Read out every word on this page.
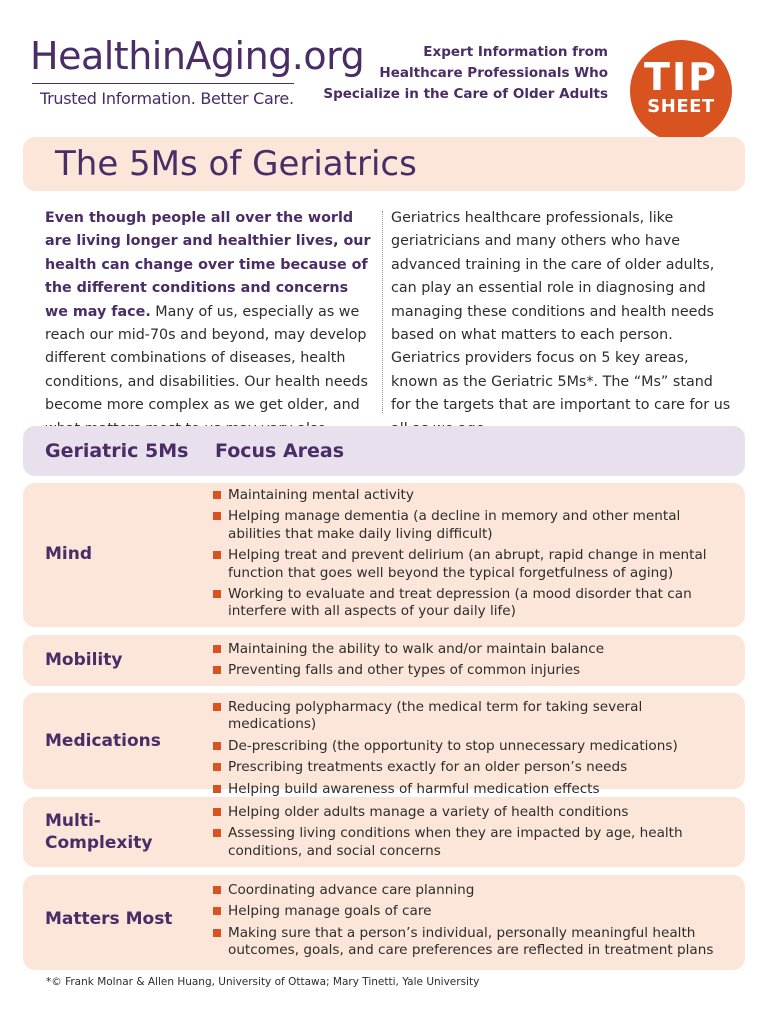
HealthinAging.org
Trusted Information. Better Care.
Expert Information from
Healthcare Professionals Who
Specialize in the Care of Older Adults TIP
SHEET
The 5Ms of Geriatrics
Even though people all over the world are living longer and healthier lives, our health can change over time because of the different conditions and concerns we may face. Many of us, especially as we reach our mid-70s and beyond, may develop different combinations of diseases, health conditions, and disabilities. Our health needs become more complex as we get older, and
Geriatrics healthcare professionals, like geriatricians and many others who have advanced training in the care of older adults, can play an essential role in diagnosing and managing these conditions and health needs based on what matters to each person. Geriatrics providers focus on 5 key areas, known as the Geriatric 5Ms*. The “Ms” stand for the targets that are important to care for us
Geriatric 5Ms Focus Areas
Mind
Maintaining mental activity
Helping manage dementia (a decline in memory and other mental abilities that make daily living difficult)
Helping treat and prevent delirium (an abrupt, rapid change in mental function that goes well beyond the typical forgetfulness of aging)
Working to evaluate and treat depression (a mood disorder that can interfere with all aspects of your daily life)
Mobility
Maintaining the ability to walk and/or maintain balance
Preventing falls and other types of common injuries
Medications
Reducing polypharmacy (the medical term for taking several medications)
De-prescribing (the opportunity to stop unnecessary medications)
Prescribing treatments exactly for an older person’s needs
Helping build awareness of harmful medication effects
Multi-
Complexity
Helping older adults manage a variety of health conditions
Assessing living conditions when they are impacted by age, health conditions, and social concerns
Matters Most
Coordinating advance care planning
Helping manage goals of care
Making sure that a person’s individual, personally meaningful health outcomes, goals, and care preferences are reflected in treatment plans
*© Frank Molnar & Allen Huang, University of Ottawa; Mary Tinetti, Yale University
